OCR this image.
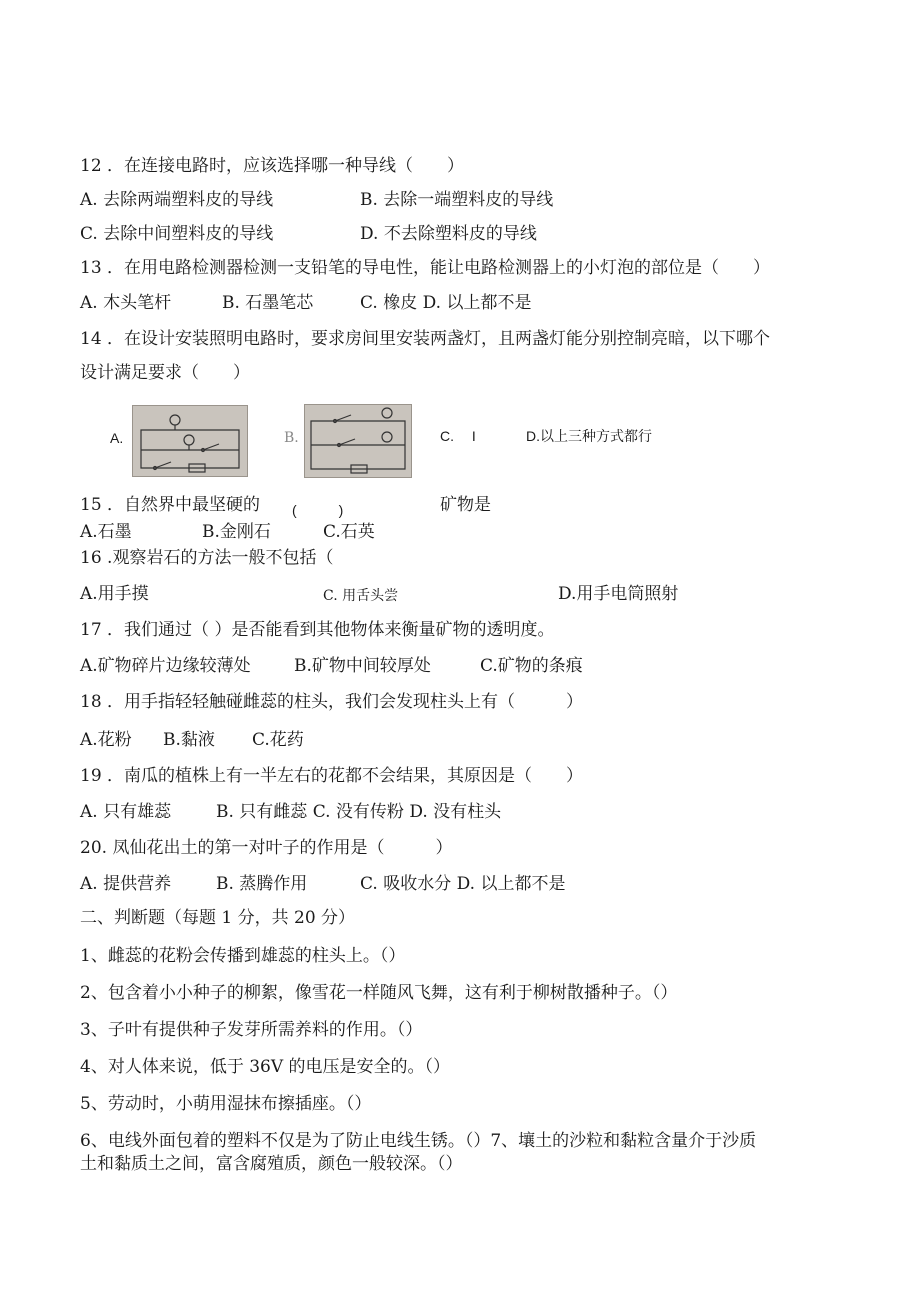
12 ．在连接电路时，应该选择哪一种导线（　　）
A. 去除两端塑料皮的导线	B. 去除一端塑料皮的导线
C. 去除中间塑料皮的导线	D. 不去除塑料皮的导线
13 ．在用电路检测器检测一支铅笔的导电性，能让电路检测器上的小灯泡的部位是（　　）
A. 木头笔杆	B. 石墨笔芯	C. 橡皮 D. 以上都不是
14 ．在设计安装照明电路时，要求房间里安装两盏灯，且两盏灯能分别控制亮暗，以下哪个
设计满足要求（　　）
A.	B.	C.　 I	D.以上三种方式都行
15 ．自然界中最坚硬的 (　　　)	矿物是
A.石墨	B.金刚石	C.石英
16 .观察岩石的方法一般不包括（
A.用手摸	C. 用舌头尝	D.用手电筒照射
17 ．我们通过（ ）是否能看到其他物体来衡量矿物的透明度。
A.矿物碎片边缘较薄处	B.矿物中间较厚处	C.矿物的条痕
18 ．用手指轻轻触碰雌蕊的柱头，我们会发现柱头上有（　　　）
A.花粉 B.黏液 C.花药
19 ．南瓜的植株上有一半左右的花都不会结果，其原因是（　　）
A. 只有雄蕊	B. 只有雌蕊 C. 没有传粉 D. 没有柱头
20. 凤仙花出土的第一对叶子的作用是（　　　）
A. 提供营养	B. 蒸腾作用	C. 吸收水分 D. 以上都不是
二、判断题（每题 1 分，共 20 分）
1、雌蕊的花粉会传播到雄蕊的柱头上。（）
2、包含着小小种子的柳絮，像雪花一样随风飞舞，这有利于柳树散播种子。（）
3、子叶有提供种子发芽所需养料的作用。（）
4、对人体来说，低于 36V 的电压是安全的。（）
5、劳动时，小萌用湿抹布擦插座。（）
6、电线外面包着的塑料不仅是为了防止电线生锈。（）7、壤土的沙粒和黏粒含量介于沙质
土和黏质土之间，富含腐殖质，颜色一般较深。（）
